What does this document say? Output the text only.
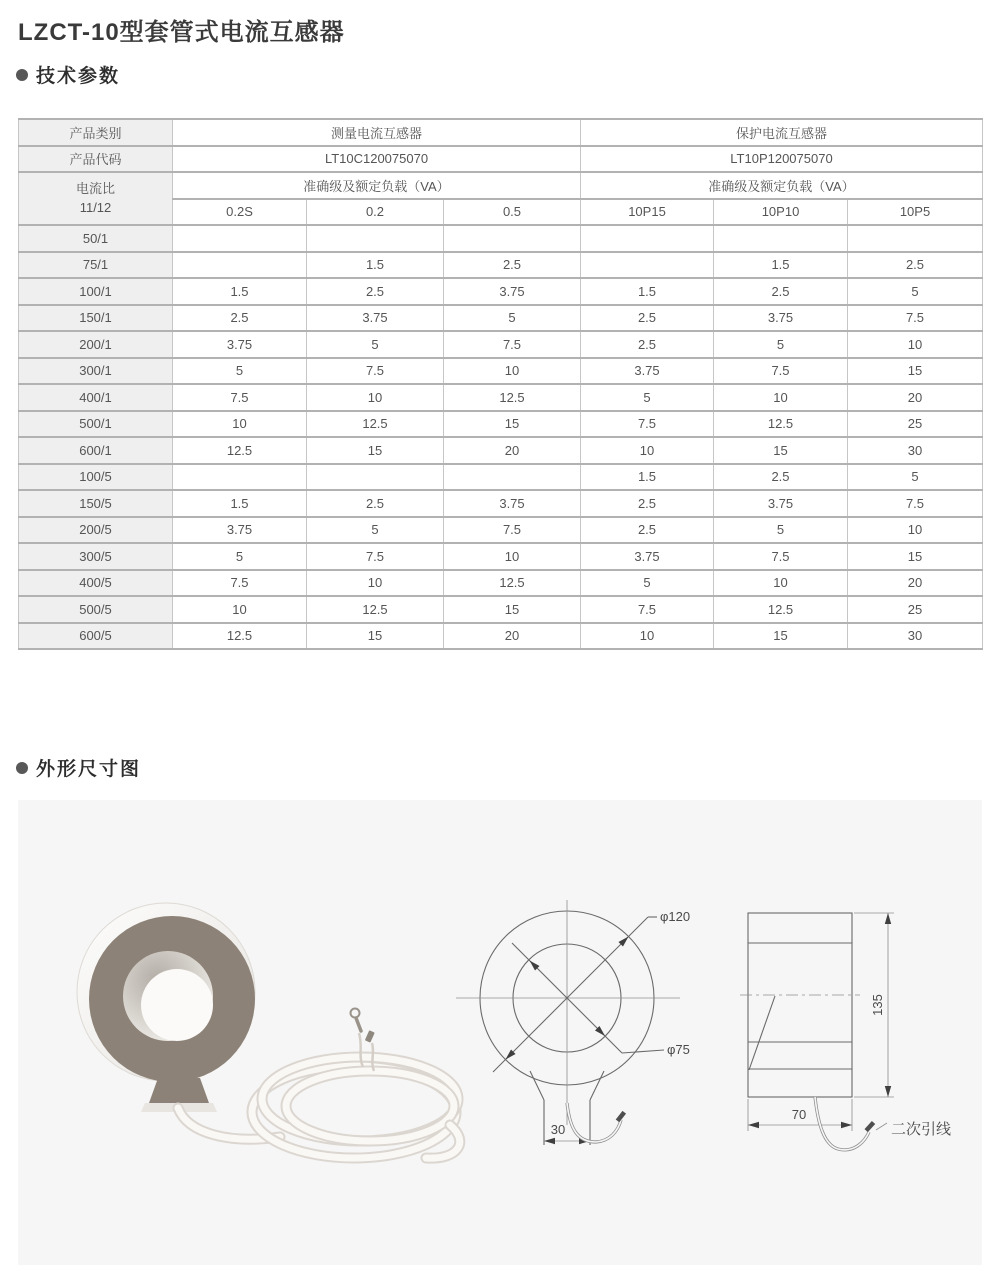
LZCT-10型套管式电流互感器
技术参数
产品类别	测量电流互感器			保护电流互感器		
产品代码	LT10C120075070			LT10P120075070		

电流比
11/12	准确级及额定负载（VA）			准确级及额定负载（VA）		
	0.2S	0.2	0.5	10P15	10P10	10P5
50/1						
75/1		1.5	2.5		1.5	2.5
100/1	1.5	2.5	3.75	1.5	2.5	5
150/1	2.5	3.75	5	2.5	3.75	7.5
200/1	3.75	5	7.5	2.5	5	10
300/1	5	7.5	10	3.75	7.5	15
400/1	7.5	10	12.5	5	10	20
500/1	10	12.5	15	7.5	12.5	25
600/1	12.5	15	20	10	15	30
100/5				1.5	2.5	5
150/5	1.5	2.5	3.75	2.5	3.75	7.5
200/5	3.75	5	7.5	2.5	5	10
300/5	5	7.5	10	3.75	7.5	15
400/5	7.5	10	12.5	5	10	20
500/5	10	12.5	15	7.5	12.5	25
600/5	12.5	15	20	10	15	30
外形尺寸图
φ120
φ75
30
135
70
二次引线
